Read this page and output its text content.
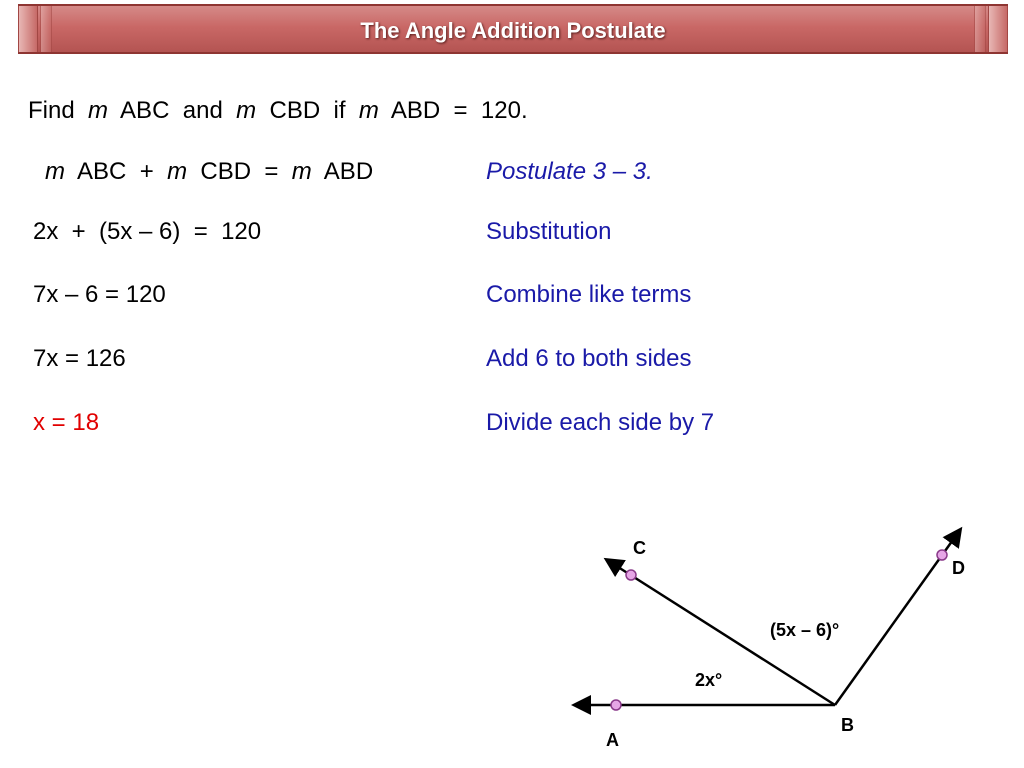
The Angle Addition Postulate
Find m ABC and m CBD if m ABD  =  120.
m ABC  + m CBD  = m ABD	Postulate 3 – 3.
2x  +  (5x – 6)  =  120	Substitution
7x – 6 = 120	Combine like terms
7x = 126	Add 6 to both sides
x = 18	Divide each side by 7
A
B
C
D
2x°
(5x – 6)°
